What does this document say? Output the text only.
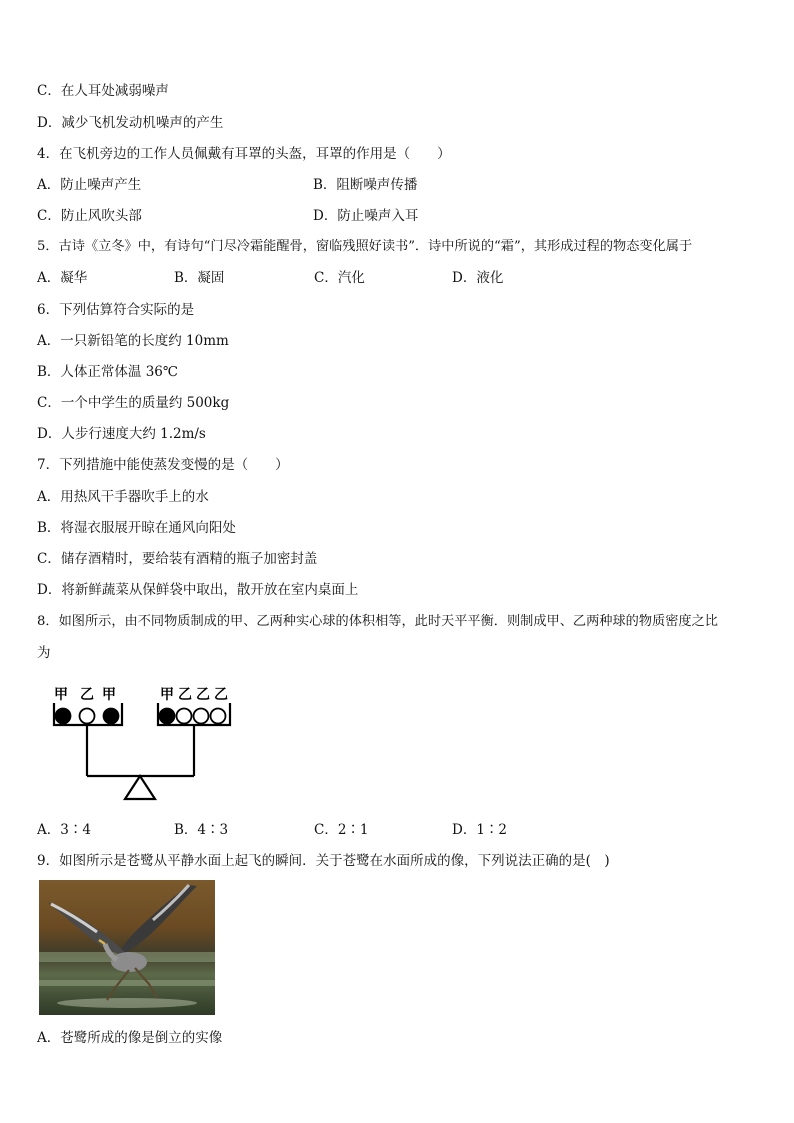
C．在人耳处减弱噪声
D．减少飞机发动机噪声的产生
4．在飞机旁边的工作人员佩戴有耳罩的头盔，耳罩的作用是（　　）
A．防止噪声产生	B．阻断噪声传播
C．防止风吹头部	D．防止噪声入耳
5．古诗《立冬》中，有诗句“门尽冷霜能醒骨，窗临残照好读书”．诗中所说的“霜”，其形成过程的物态变化属于
A．凝华	B．凝固	C．汽化	D．液化
6．下列估算符合实际的是
A．一只新铅笔的长度约 10mm
B．人体正常体温 36℃
C．一个中学生的质量约 500kg
D．人步行速度大约 1.2m/s
7．下列措施中能使蒸发变慢的是（　　）
A．用热风干手器吹手上的水
B．将湿衣服展开晾在通风向阳处
C．储存酒精时，要给装有酒精的瓶子加密封盖
D．将新鲜蔬菜从保鲜袋中取出，散开放在室内桌面上
8．如图所示，由不同物质制成的甲、乙两种实心球的体积相等，此时天平平衡．则制成甲、乙两种球的物质密度之比
为
甲 乙 甲	甲 乙 乙 乙
A．3∶4	B．4∶3	C．2∶1	D．1∶2
9．如图所示是苍鹭从平静水面上起飞的瞬间．关于苍鹭在水面所成的像，下列说法正确的是(　)
A．苍鹭所成的像是倒立的实像
